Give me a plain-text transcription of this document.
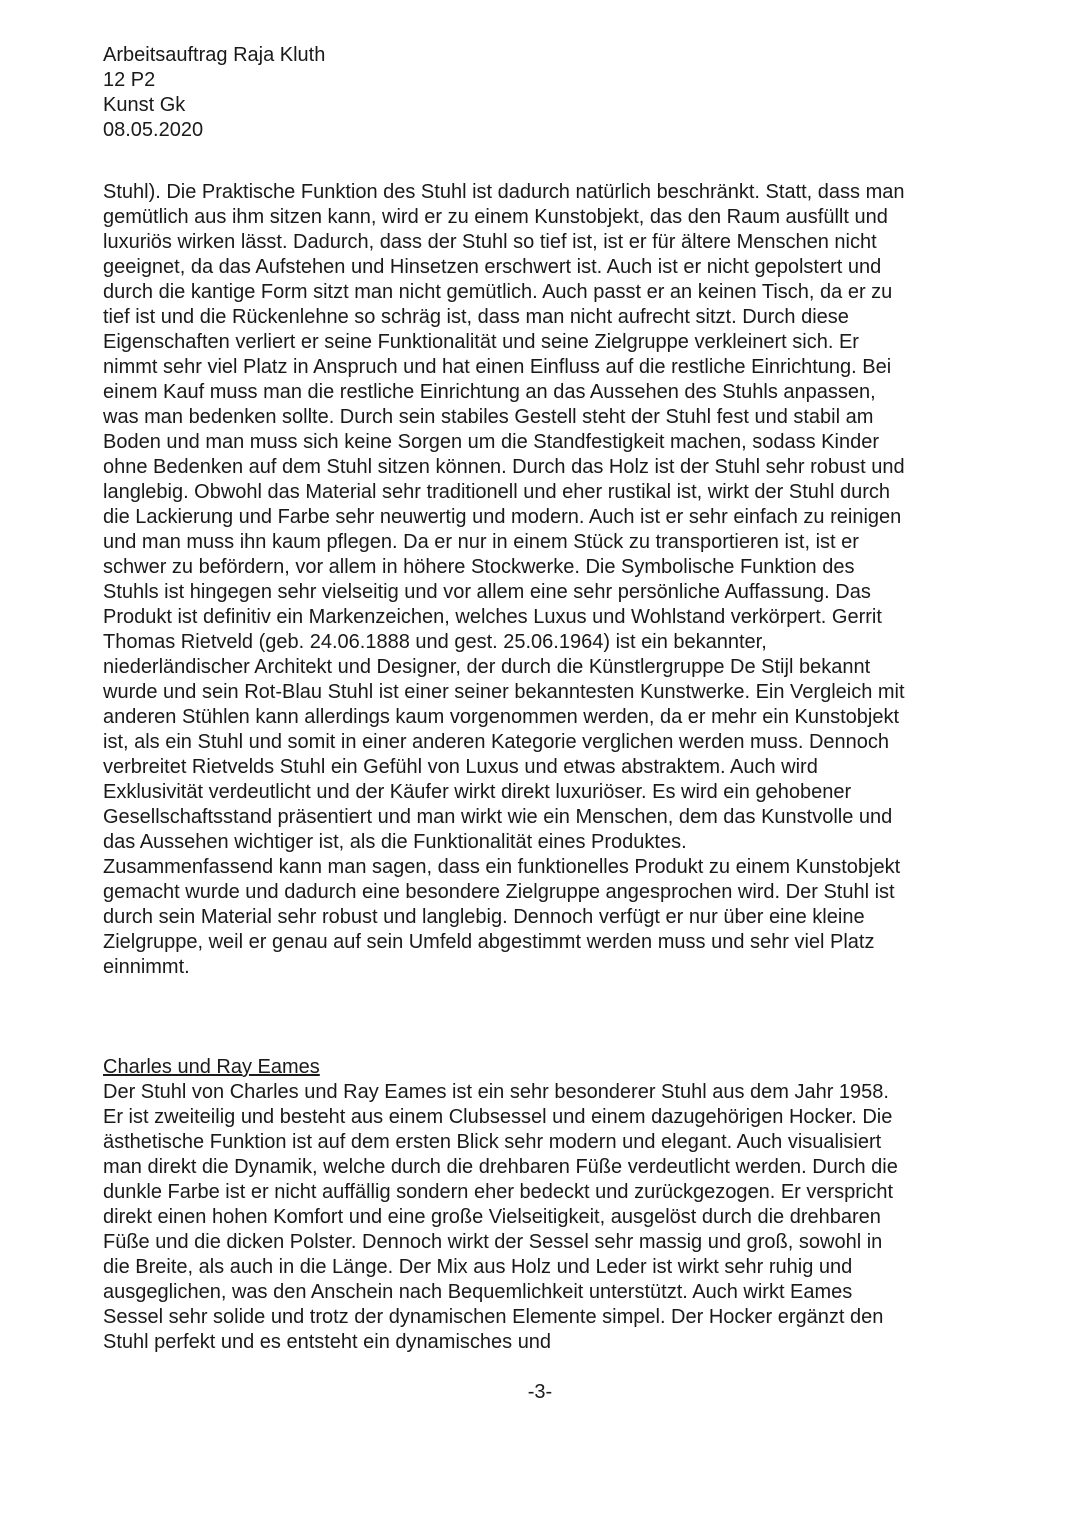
Arbeitsauftrag Raja Kluth
12 P2
Kunst Gk
08.05.2020
Stuhl). Die Praktische Funktion des Stuhl ist dadurch natürlich beschränkt. Statt, dass man
gemütlich aus ihm sitzen kann, wird er zu einem Kunstobjekt, das den Raum ausfüllt und
luxuriös wirken lässt. Dadurch, dass der Stuhl so tief ist, ist er für ältere Menschen nicht
geeignet, da das Aufstehen und Hinsetzen erschwert ist. Auch ist er nicht gepolstert und
durch die kantige Form sitzt man nicht gemütlich. Auch passt er an keinen Tisch, da er zu
tief ist und die Rückenlehne so schräg ist, dass man nicht aufrecht sitzt. Durch diese
Eigenschaften verliert er seine Funktionalität und seine Zielgruppe verkleinert sich. Er
nimmt sehr viel Platz in Anspruch und hat einen Einfluss auf die restliche Einrichtung. Bei
einem Kauf muss man die restliche Einrichtung an das Aussehen des Stuhls anpassen,
was man bedenken sollte. Durch sein stabiles Gestell steht der Stuhl fest und stabil am
Boden und man muss sich keine Sorgen um die Standfestigkeit machen, sodass Kinder
ohne Bedenken auf dem Stuhl sitzen können. Durch das Holz ist der Stuhl sehr robust und
langlebig. Obwohl das Material sehr traditionell und eher rustikal ist, wirkt der Stuhl durch
die Lackierung und Farbe sehr neuwertig und modern. Auch ist er sehr einfach zu reinigen
und man muss ihn kaum pflegen. Da er nur in einem Stück zu transportieren ist, ist er
schwer zu befördern, vor allem in höhere Stockwerke. Die Symbolische Funktion des
Stuhls ist hingegen sehr vielseitig und vor allem eine sehr persönliche Auffassung. Das
Produkt ist definitiv ein Markenzeichen, welches Luxus und Wohlstand verkörpert. Gerrit
Thomas Rietveld (geb. 24.06.1888 und gest. 25.06.1964) ist ein bekannter,
niederländischer Architekt und Designer, der durch die Künstlergruppe De Stijl bekannt
wurde und sein Rot-Blau Stuhl ist einer seiner bekanntesten Kunstwerke. Ein Vergleich mit
anderen Stühlen kann allerdings kaum vorgenommen werden, da er mehr ein Kunstobjekt
ist, als ein Stuhl und somit in einer anderen Kategorie verglichen werden muss. Dennoch
verbreitet Rietvelds Stuhl ein Gefühl von Luxus und etwas abstraktem. Auch wird
Exklusivität verdeutlicht und der Käufer wirkt direkt luxuriöser. Es wird ein gehobener
Gesellschaftsstand präsentiert und man wirkt wie ein Menschen, dem das Kunstvolle und
das Aussehen wichtiger ist, als die Funktionalität eines Produktes.
Zusammenfassend kann man sagen, dass ein funktionelles Produkt zu einem Kunstobjekt
gemacht wurde und dadurch eine besondere Zielgruppe angesprochen wird. Der Stuhl ist
durch sein Material sehr robust und langlebig. Dennoch verfügt er nur über eine kleine
Zielgruppe, weil er genau auf sein Umfeld abgestimmt werden muss und sehr viel Platz
einnimmt.
Charles und Ray Eames
Der Stuhl von Charles und Ray Eames ist ein sehr besonderer Stuhl aus dem Jahr 1958.
Er ist zweiteilig und besteht aus einem Clubsessel und einem dazugehörigen Hocker. Die
ästhetische Funktion ist auf dem ersten Blick sehr modern und elegant. Auch visualisiert
man direkt die Dynamik, welche durch die drehbaren Füße verdeutlicht werden. Durch die
dunkle Farbe ist er nicht auffällig sondern eher bedeckt und zurückgezogen. Er verspricht
direkt einen hohen Komfort und eine große Vielseitigkeit, ausgelöst durch die drehbaren
Füße und die dicken Polster. Dennoch wirkt der Sessel sehr massig und groß, sowohl in
die Breite, als auch in die Länge. Der Mix aus Holz und Leder ist wirkt sehr ruhig und
ausgeglichen, was den Anschein nach Bequemlichkeit unterstützt. Auch wirkt Eames
Sessel sehr solide und trotz der dynamischen Elemente simpel. Der Hocker ergänzt den
Stuhl perfekt und es entsteht ein dynamisches und
-3-
